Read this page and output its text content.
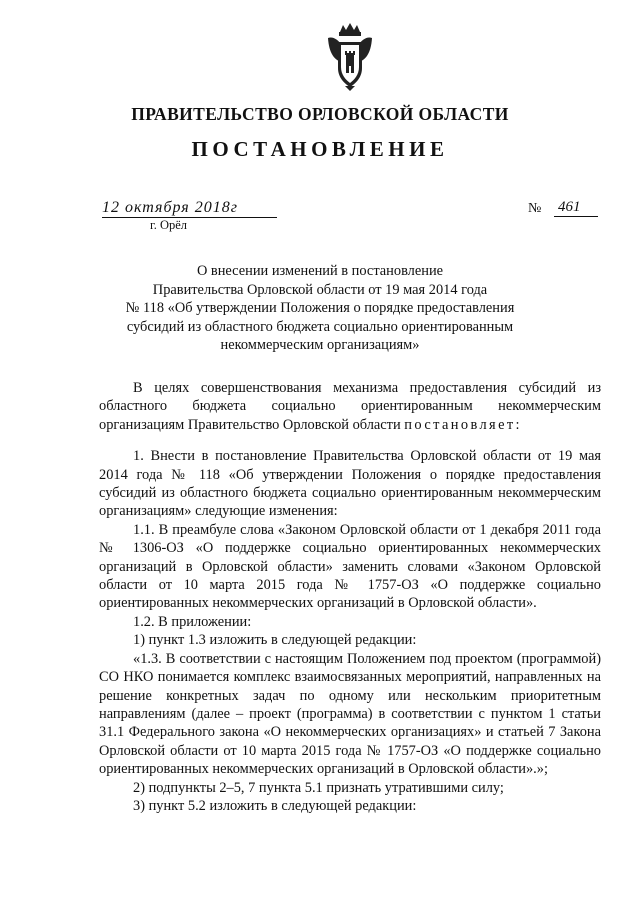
ПРАВИТЕЛЬСТВО ОРЛОВСКОЙ ОБЛАСТИ
ПОСТАНОВЛЕНИЕ
12 октября 2018г
г. Орёл
№ 461
О внесении изменений в постановление
Правительства Орловской области от 19 мая 2014 года
№ 118 «Об утверждении Положения о порядке предоставления
субсидий из областного бюджета социально ориентированным
некоммерческим организациям»

В целях совершенствования механизма предоставления субсидий из областного бюджета социально ориентированным некоммерческим организациям Правительство Орловской области постановляет:

1. Внести в постановление Правительства Орловской области от 19 мая 2014 года № 118 «Об утверждении Положения о порядке предоставления субсидий из областного бюджета социально ориентированным некоммерческим организациям» следующие изменения:

1.1. В преамбуле слова «Законом Орловской области от 1 декабря 2011 года № 1306-ОЗ «О поддержке социально ориентированных некоммерческих организаций в Орловской области» заменить словами «Законом Орловской области от 10 марта 2015 года № 1757-ОЗ «О поддержке социально ориентированных некоммерческих организаций в Орловской области».

1.2. В приложении:

1) пункт 1.3 изложить в следующей редакции:

«1.3. В соответствии с настоящим Положением под проектом (программой) СО НКО понимается комплекс взаимосвязанных мероприятий, направленных на решение конкретных задач по одному или нескольким приоритетным направлениям (далее – проект (программа) в соответствии с пунктом 1 статьи 31.1 Федерального закона «О некоммерческих организациях» и статьей 7 Закона Орловской области от 10 марта 2015 года № 1757-ОЗ «О поддержке социально ориентированных некоммерческих организаций в Орловской области».»;

2) подпункты 2–5, 7 пункта 5.1 признать утратившими силу;

3) пункт 5.2 изложить в следующей редакции:
